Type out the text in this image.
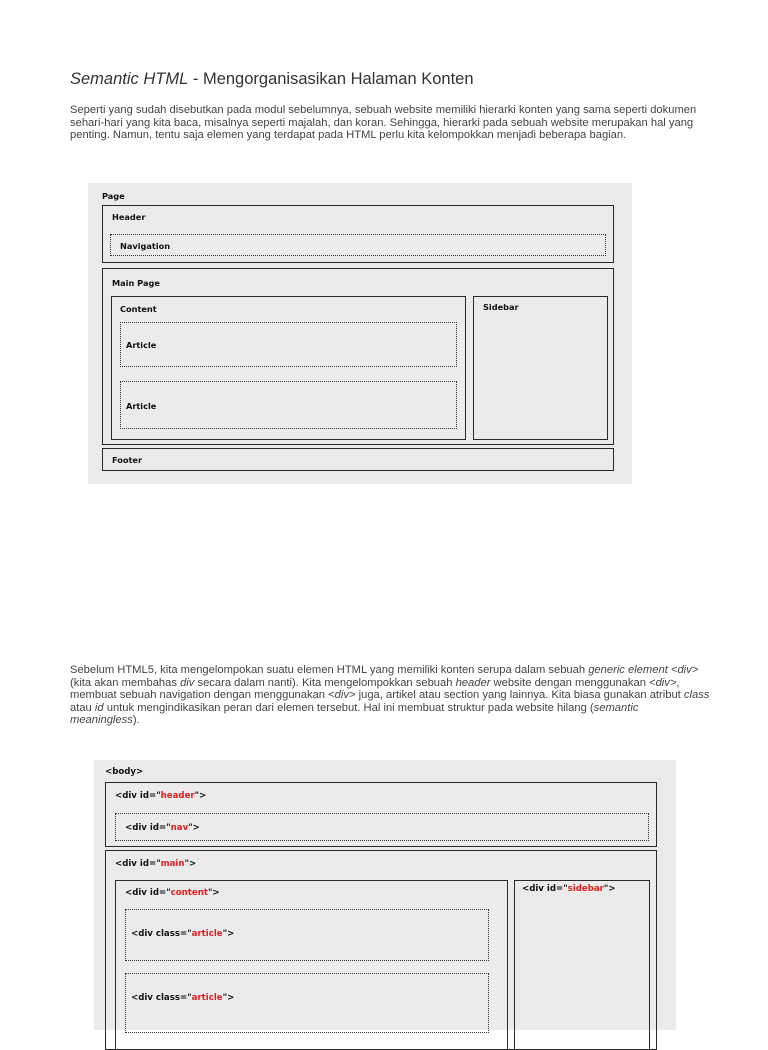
Semantic HTML - Mengorganisasikan Halaman Konten
Seperti yang sudah disebutkan pada modul sebelumnya, sebuah website memiliki hierarki konten yang sama seperti dokumen sehari-hari yang kita baca, misalnya seperti majalah, dan koran. Sehingga, hierarki pada sebuah website merupakan hal yang penting. Namun, tentu saja elemen yang terdapat pada HTML perlu kita kelompokkan menjadi beberapa bagian.
Page
Header
Navigation
Main Page
Content
Article
Article
Sidebar
Footer
Sebelum HTML5, kita mengelompokan suatu elemen HTML yang memiliki konten serupa dalam sebuah generic element <div> (kita akan membahas div secara dalam nanti). Kita mengelompokkan sebuah header website dengan menggunakan <div>, membuat sebuah navigation dengan menggunakan <div> juga, artikel atau section yang lainnya. Kita biasa gunakan atribut class atau id untuk mengindikasikan peran dari elemen tersebut. Hal ini membuat struktur pada website hilang (semantic meaningless).
<body>
<div id="header">
<div id="nav">
<div id="main">
<div id="content">
<div class="article">
<div class="article">
<div id="sidebar">
